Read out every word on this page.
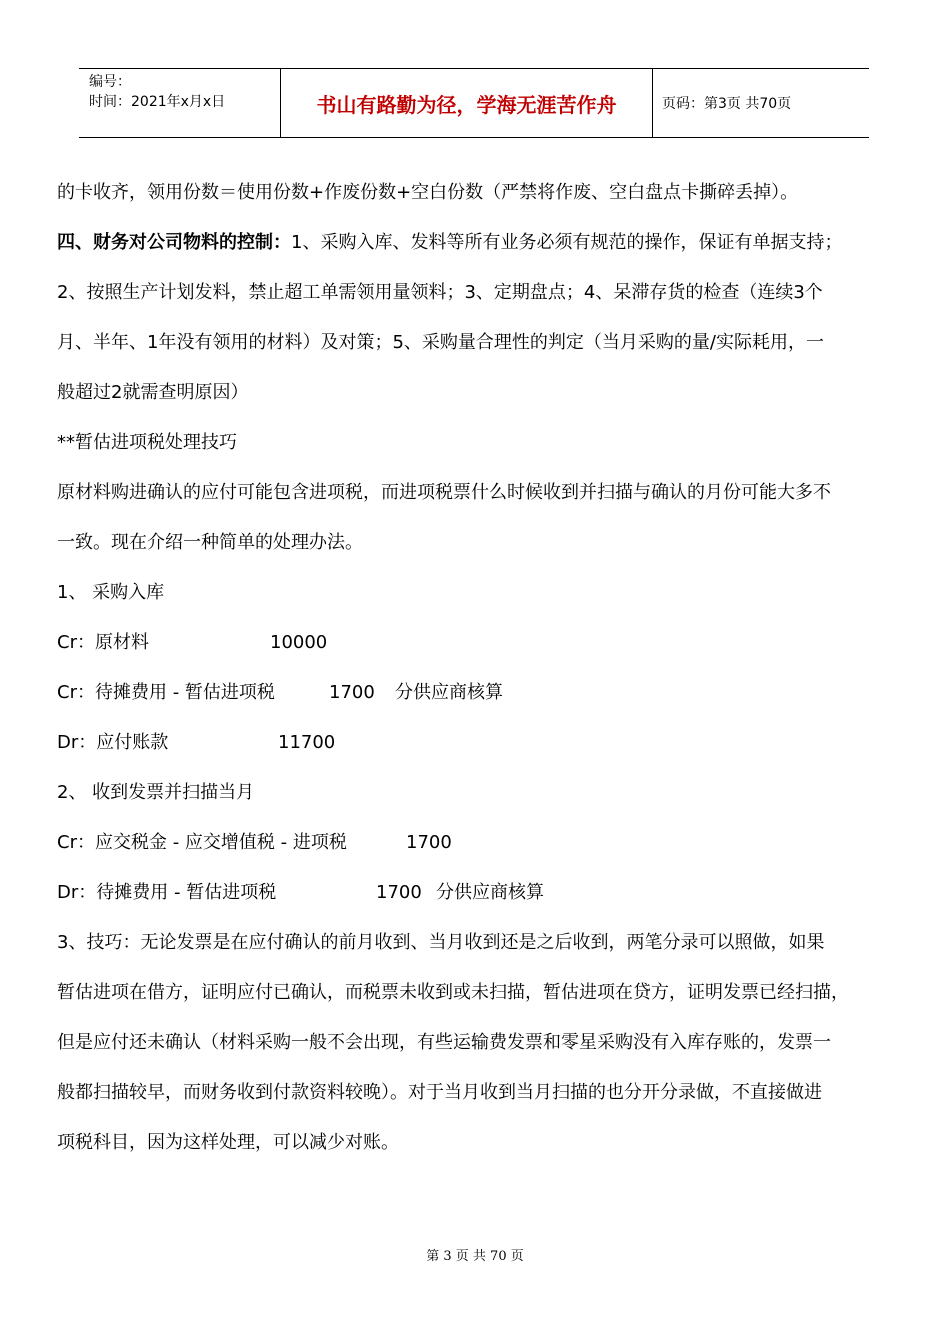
编号：
时间：2021年x月x日	书山有路勤为径，学海无涯苦作舟	页码：第3页 共70页
的卡收齐，领用份数＝使用份数+作废份数+空白份数（严禁将作废、空白盘点卡撕碎丢掉）。
四、财务对公司物料的控制：1、采购入库、发料等所有业务必须有规范的操作，保证有单据支持；
2、按照生产计划发料，禁止超工单需领用量领料；3、定期盘点；4、呆滞存货的检查（连续3个
月、半年、1年没有领用的材料）及对策；5、采购量合理性的判定（当月采购的量/实际耗用，一
般超过2就需查明原因）
**暂估进项税处理技巧
原材料购进确认的应付可能包含进项税，而进项税票什么时候收到并扫描与确认的月份可能大多不
一致。现在介绍一种简单的处理办法。
1、 采购入库
Cr：原材料	10000
Cr：待摊费用 - 暂估进项税	1700 分供应商核算
Dr：应付账款	11700
2、 收到发票并扫描当月
Cr：应交税金 - 应交增值税 - 进项税	1700
Dr：待摊费用 - 暂估进项税	1700 分供应商核算
3、技巧：无论发票是在应付确认的前月收到、当月收到还是之后收到，两笔分录可以照做，如果
暂估进项在借方，证明应付已确认，而税票未收到或未扫描，暂估进项在贷方，证明发票已经扫描，
但是应付还未确认（材料采购一般不会出现，有些运输费发票和零星采购没有入库存账的，发票一
般都扫描较早，而财务收到付款资料较晚）。对于当月收到当月扫描的也分开分录做，不直接做进
项税科目，因为这样处理，可以减少对账。
第 3 页 共 70 页
